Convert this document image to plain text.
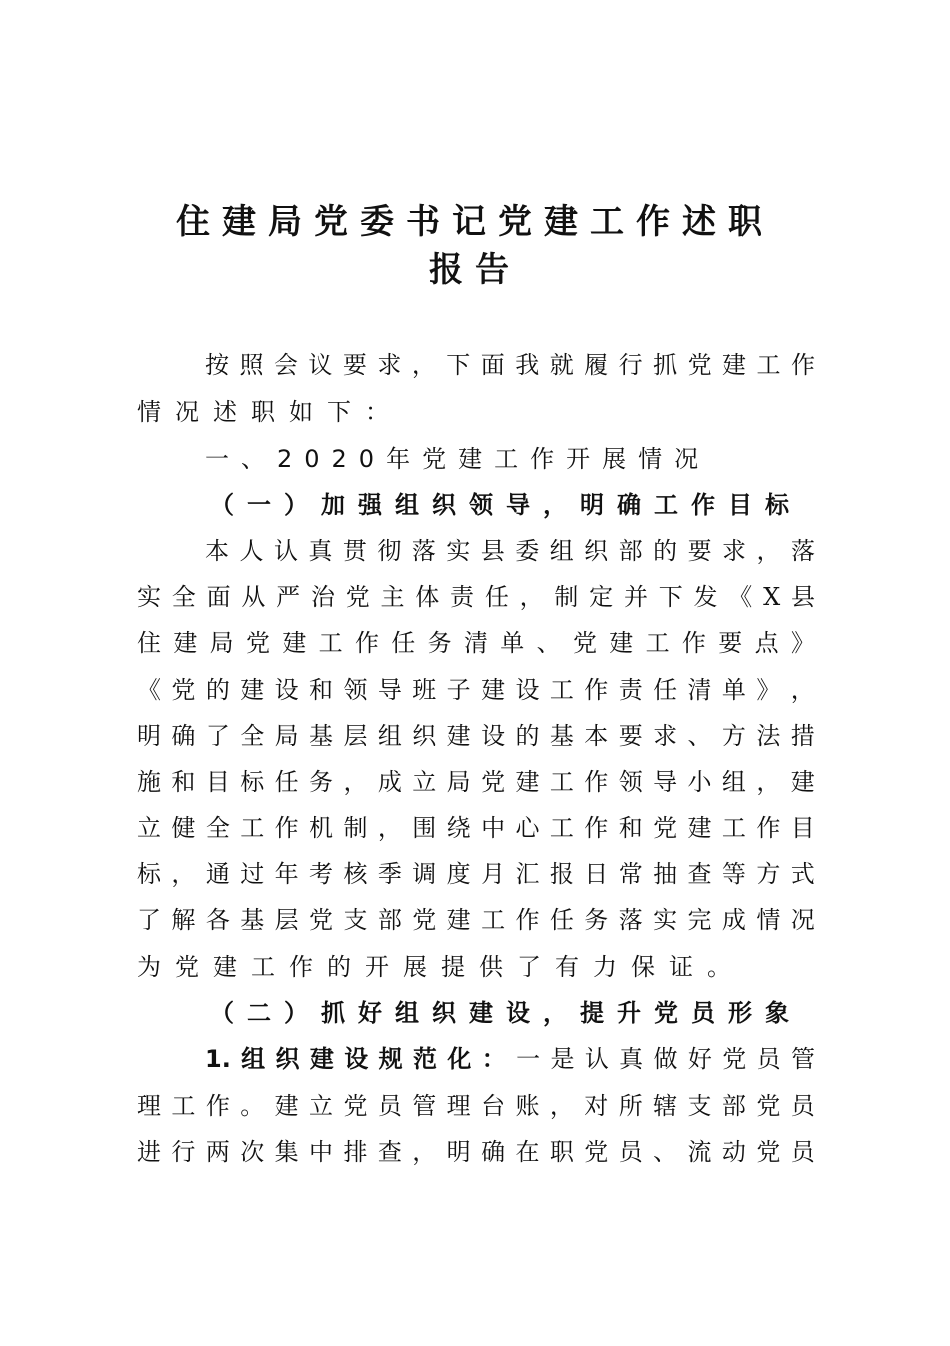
住建局党委书记党建工作述职
报告
按 照 会 议 要 求 ， 下 面 我 就 履 行 抓 党 建 工 作
情况述职如下：
一、2020年党建工作开展情况
（ 一 ） 加 强 组 织 领 导 ， 明 确 工 作 目 标
本 人 认 真 贯 彻 落 实 县 委 组 织 部 的 要 求 ， 落
实 全 面 从 严 治 党 主 体 责 任 ， 制 定 并 下 发 《 X 县
住 建 局 党 建 工 作 任 务 清 单 、 党 建 工 作 要 点 》
《 党 的 建 设 和 领 导 班 子 建 设 工 作 责 任 清 单 》 ，
明 确 了 全 局 基 层 组 织 建 设 的 基 本 要 求 、 方 法 措
施 和 目 标 任 务 ， 成 立 局 党 建 工 作 领 导 小 组 ， 建
立 健 全 工 作 机 制 ， 围 绕 中 心 工 作 和 党 建 工 作 目
标 ， 通 过 年 考 核 季 调 度 月 汇 报 日 常 抽 查 等 方 式
了 解 各 基 层 党 支 部 党 建 工 作 任 务 落 实 完 成 情 况
为党建工作的开展提供了有力保证。
（ 二 ） 抓 好 组 织 建 设 ， 提 升 党 员 形 象
1.组织建设规范化：一是认真做好党员管
理 工 作 。 建 立 党 员 管 理 台 账 ， 对 所 辖 支 部 党 员
进 行 两 次 集 中 排 查 ， 明 确 在 职 党 员 、 流 动 党 员
